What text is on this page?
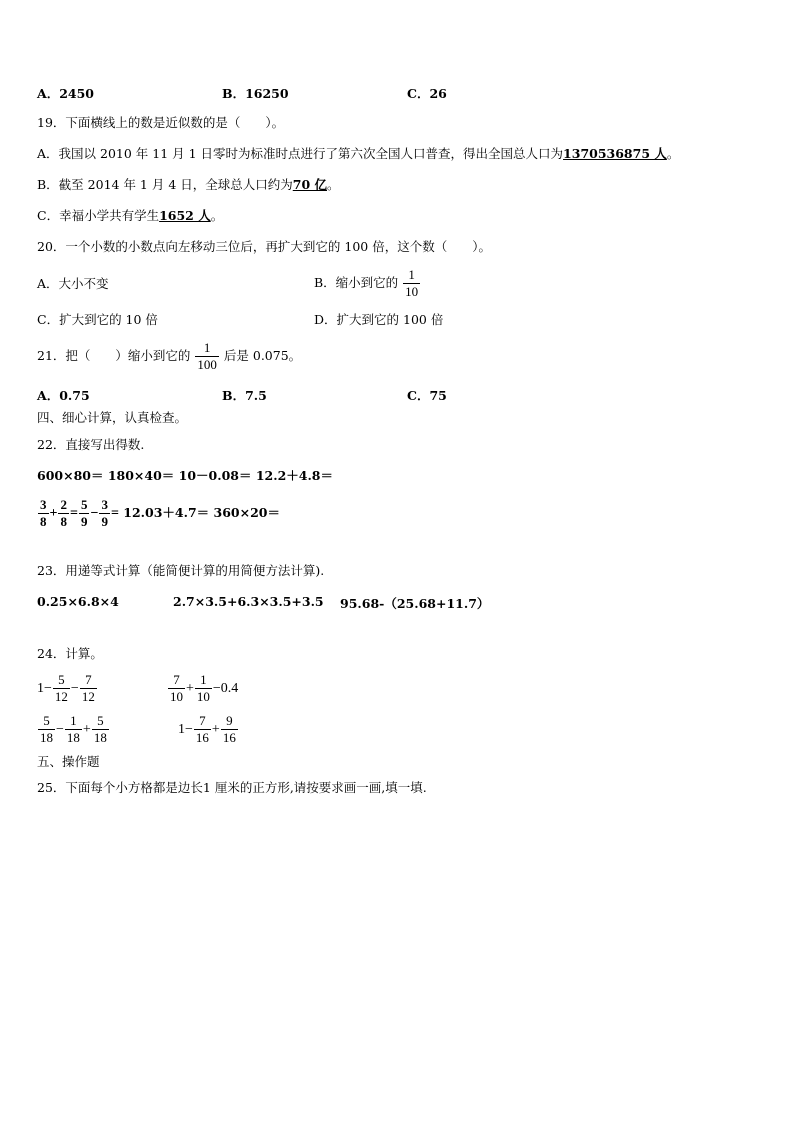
A．2450	B．16250	C．26
19．下面横线上的数是近似数的是（　　）。
A．我国以 2010 年 11 月 1 日零时为标准时点进行了第六次全国人口普查，得出全国总人口为1370536875 人。
B．截至 2014 年 1 月 4 日，全球总人口约为70 亿。
C．幸福小学共有学生1652 人。
20．一个小数的小数点向左移动三位后，再扩大到它的 100 倍，这个数（　　）。
A．大小不变	B．缩小到它的 $\frac{1}{10}$
C．扩大到它的 10 倍	D．扩大到它的 100 倍
21．把（　　）缩小到它的 $\frac{1}{100}$ 后是 0.075。
A．0.75	B．7.5	C．75
四、细心计算，认真检查。
22．直接写出得数.
600×80＝ 180×40＝ 10－0.08＝ 12.2＋4.8＝
$\frac{3}{8} + \frac{2}{8} = \frac{5}{9} - \frac{3}{9} = 12.03+4.7= 360\times 20=$
23．用递等式计算（能简便计算的用简便方法计算).
0.25×6.8×4	2.7×3.5+6.3×3.5+3.5 95.68-（25.68+11.7）
24．计算。
$1- \frac{5}{12} - \frac{7}{12}$	$\frac{7}{10} + \frac{1}{10} -0.4$
$\frac{5}{18} - \frac{1}{18} + \frac{5}{18}$	$1- \frac{7}{16} + \frac{9}{16}$
五、操作题
25．下面每个小方格都是边长1 厘米的正方形,请按要求画一画,填一填.
